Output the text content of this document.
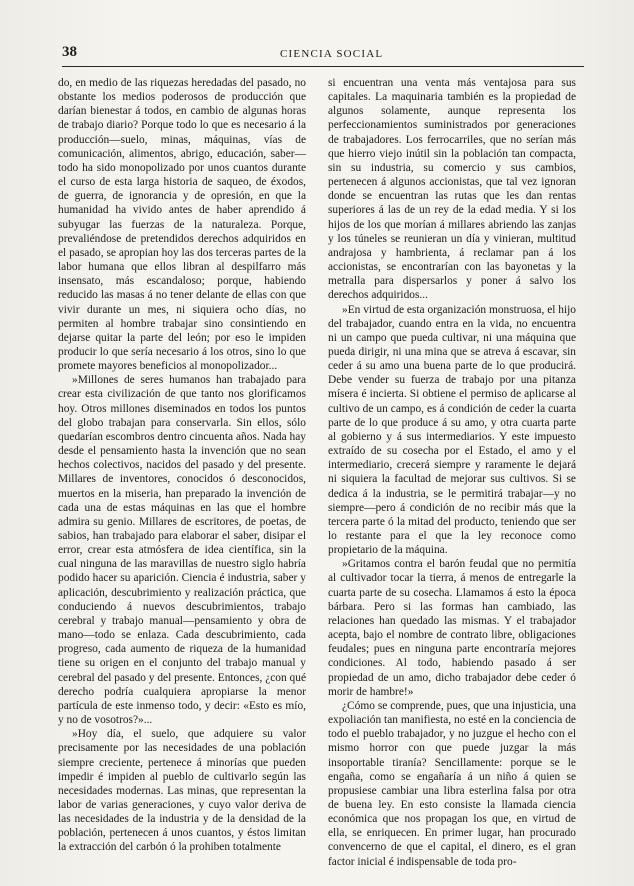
38	CIENCIA SOCIAL

do, en medio de las riquezas heredadas del pasado, no obstante los medios poderosos de producción que darían bienestar á todos, en cambio de algunas horas de trabajo diario? Porque todo lo que es necesario á la producción—suelo, minas, máquinas, vías de comunicación, alimentos, abrigo, educación, saber—todo ha sido monopolizado por unos cuantos durante el curso de esta larga historia de saqueo, de éxodos, de guerra, de ignorancia y de opresión, en que la humanidad ha vivido antes de haber aprendido á subyugar las fuerzas de la naturaleza. Porque, prevaliéndose de pretendidos derechos adquiridos en el pasado, se apropian hoy las dos terceras partes de la labor humana que ellos libran al despilfarro más insensato, más escandaloso; porque, habiendo reducido las masas á no tener delante de ellas con que vivir durante un mes, ni siquiera ocho días, no permiten al hombre trabajar sino consintiendo en dejarse quitar la parte del león; por eso le impiden producir lo que sería necesario á los otros, sino lo que promete mayores beneficios al monopolizador...

»Millones de seres humanos han trabajado para crear esta civilización de que tanto nos glorificamos hoy. Otros millones diseminados en todos los puntos del globo trabajan para conservarla. Sin ellos, sólo quedarían escombros dentro cincuenta años. Nada hay desde el pensamiento hasta la invención que no sean hechos colectivos, nacidos del pasado y del presente. Millares de inventores, conocidos ó desconocidos, muertos en la miseria, han preparado la invención de cada una de estas máquinas en las que el hombre admira su genio. Millares de escritores, de poetas, de sabios, han trabajado para elaborar el saber, disipar el error, crear esta atmósfera de idea científica, sin la cual ninguna de las maravillas de nuestro siglo habría podido hacer su aparición. Ciencia é industria, saber y aplicación, descubrimiento y realización práctica, que conduciendo á nuevos descubrimientos, trabajo cerebral y trabajo manual—pensamiento y obra de mano—todo se enlaza. Cada descubrimiento, cada progreso, cada aumento de riqueza de la humanidad tiene su origen en el conjunto del trabajo manual y cerebral del pasado y del presente. Entonces, ¿con qué derecho podría cualquiera apropiarse la menor partícula de este inmenso todo, y decir: «Esto es mío, y no de vosotros?»...

»Hoy día, el suelo, que adquiere su valor precisamente por las necesidades de una población siempre creciente, pertenece á minorías que pueden impedir é impiden al pueblo de cultivarlo según las necesidades modernas. Las minas, que representan la labor de varias generaciones, y cuyo valor deriva de las necesidades de la industria y de la densidad de la población, pertenecen á unos cuantos, y éstos limitan la extracción del carbón ó la prohiben totalmente

si encuentran una venta más ventajosa para sus capitales. La maquinaria también es la propiedad de algunos solamente, aunque representa los perfeccionamientos suministrados por generaciones de trabajadores. Los ferrocarriles, que no serían más que hierro viejo inútil sin la población tan compacta, sin su industria, su comercio y sus cambios, pertenecen á algunos accionistas, que tal vez ignoran donde se encuentran las rutas que les dan rentas superiores á las de un rey de la edad media. Y si los hijos de los que morían á millares abriendo las zanjas y los túneles se reunieran un día y vinieran, multitud andrajosa y hambrienta, á reclamar pan á los accionistas, se encontrarían con las bayonetas y la metralla para dispersarlos y poner á salvo los derechos adquiridos...

»En virtud de esta organización monstruosa, el hijo del trabajador, cuando entra en la vida, no encuentra ni un campo que pueda cultivar, ni una máquina que pueda dirigir, ni una mina que se atreva á escavar, sin ceder á su amo una buena parte de lo que producirá. Debe vender su fuerza de trabajo por una pitanza mísera é incierta. Si obtiene el permiso de aplicarse al cultivo de un campo, es á condición de ceder la cuarta parte de lo que produce á su amo, y otra cuarta parte al gobierno y á sus intermediarios. Y este impuesto extraído de su cosecha por el Estado, el amo y el intermediario, crecerá siempre y raramente le dejará ni siquiera la facultad de mejorar sus cultivos. Si se dedica á la industria, se le permitirá trabajar—y no siempre—pero á condición de no recibir más que la tercera parte ó la mitad del producto, teniendo que ser lo restante para el que la ley reconoce como propietario de la máquina.

»Gritamos contra el barón feudal que no permitía al cultivador tocar la tierra, á menos de entregarle la cuarta parte de su cosecha. Llamamos á esto la época bárbara. Pero si las formas han cambiado, las relaciones han quedado las mismas. Y el trabajador acepta, bajo el nombre de contrato libre, obligaciones feudales; pues en ninguna parte encontraría mejores condiciones. Al todo, habiendo pasado á ser propiedad de un amo, dicho trabajador debe ceder ó morir de hambre!»

¿Cómo se comprende, pues, que una injusticia, una expoliación tan manifiesta, no esté en la conciencia de todo el pueblo trabajador, y no juzgue el hecho con el mismo horror con que puede juzgar la más insoportable tiranía? Sencillamente: porque se le engaña, como se engañaría á un niño á quien se propusiese cambiar una libra esterlina falsa por otra de buena ley. En esto consiste la llamada ciencia económica que nos propagan los que, en virtud de ella, se enriquecen. En primer lugar, han procurado convencerno de que el capital, el dinero, es el gran factor inicial é indispensable de toda pro-
